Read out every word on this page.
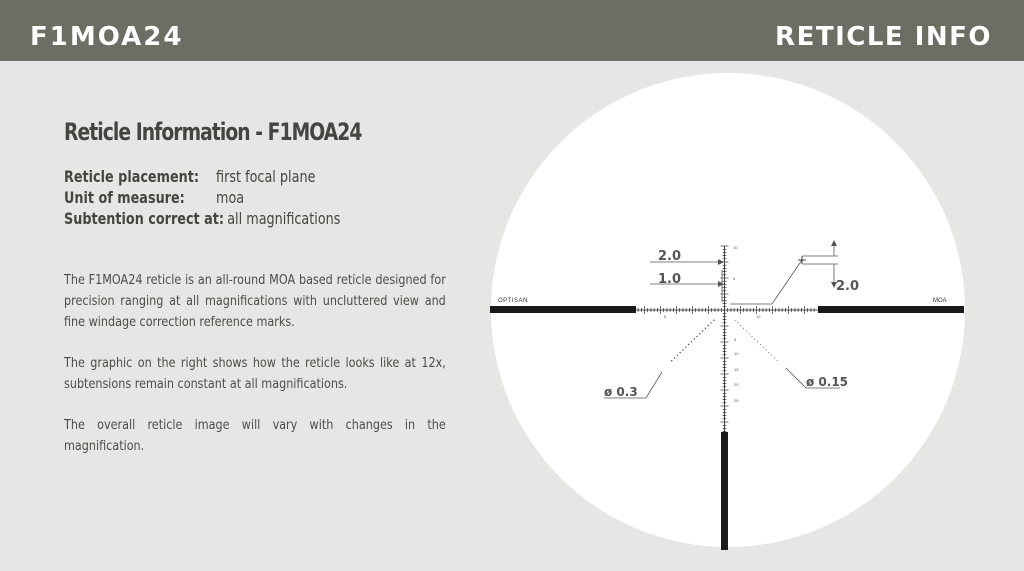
F1MOA24	RETICLE INFO
Reticle Information - F1MOA24
Reticle placement:	first focal plane
Unit of measure:	moa
Subtention correct at: all magnifications

The F1MOA24 reticle is an all-round MOA based reticle designed for precision ranging at all magnifications with uncluttered view and fine windage correction reference marks.

The graphic on the right shows how the reticle looks like at 12x, subtensions remain constant at all magnifications.

The overall reticle image will vary with changes in the magnification.

OPTISAN	MOA
10
5
5	10
5
10
15
20
25
2.0
1.0	2.0
ø 0.3
ø 0.15
